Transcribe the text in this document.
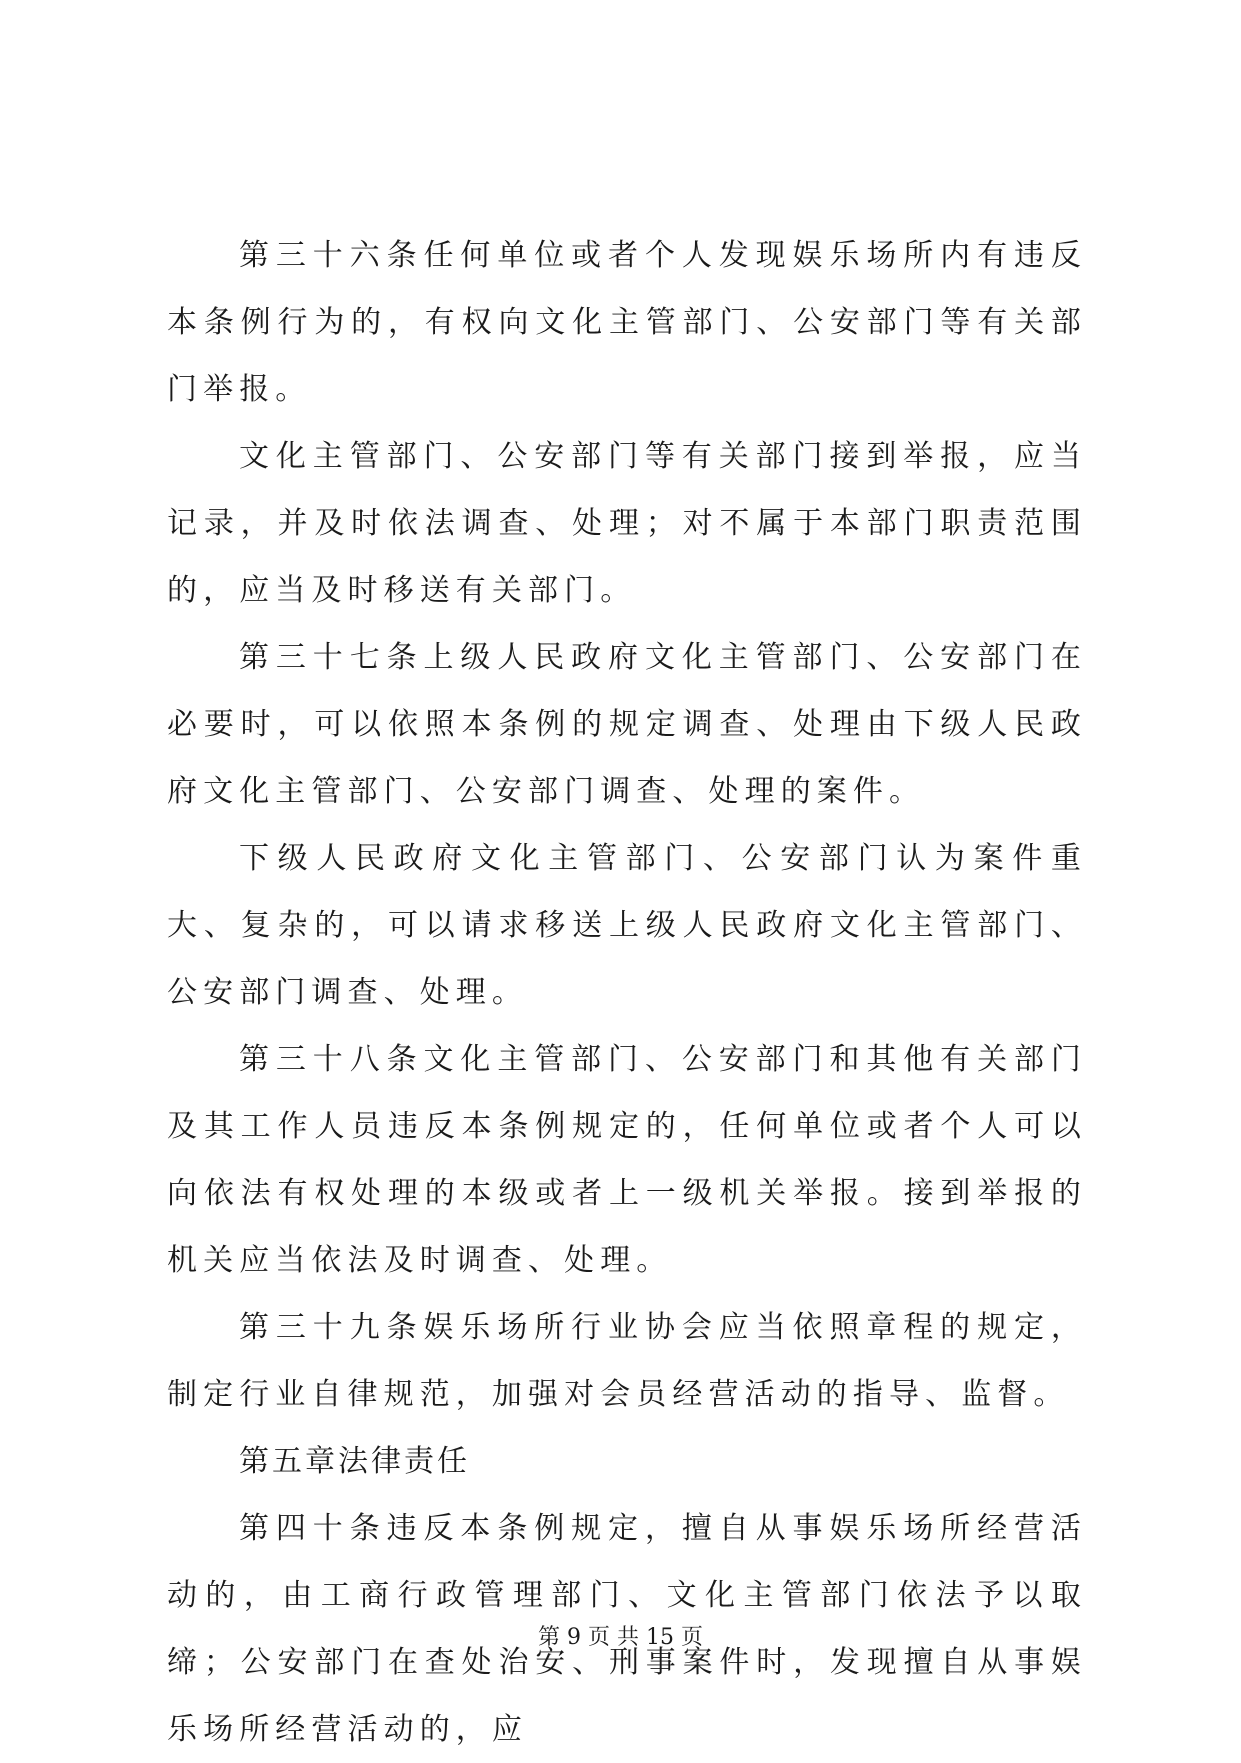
第三十六条任何单位或者个人发现娱乐场所内有违反本条例行为的，有权向文化主管部门、公安部门等有关部门举报。

文化主管部门、公安部门等有关部门接到举报，应当记录，并及时依法调查、处理；对不属于本部门职责范围的，应当及时移送有关部门。

第三十七条上级人民政府文化主管部门、公安部门在必要时，可以依照本条例的规定调查、处理由下级人民政府文化主管部门、公安部门调查、处理的案件。

下级人民政府文化主管部门、公安部门认为案件重大、复杂的，可以请求移送上级人民政府文化主管部门、公安部门调查、处理。

第三十八条文化主管部门、公安部门和其他有关部门及其工作人员违反本条例规定的，任何单位或者个人可以向依法有权处理的本级或者上一级机关举报。接到举报的机关应当依法及时调查、处理。

第三十九条娱乐场所行业协会应当依照章程的规定，制定行业自律规范，加强对会员经营活动的指导、监督。

第五章法律责任

第四十条违反本条例规定，擅自从事娱乐场所经营活动的，由工商行政管理部门、文化主管部门依法予以取缔；公安部门在查处治安、刑事案件时，发现擅自从事娱乐场所经营活动的，应

第 9 页 共 15 页
